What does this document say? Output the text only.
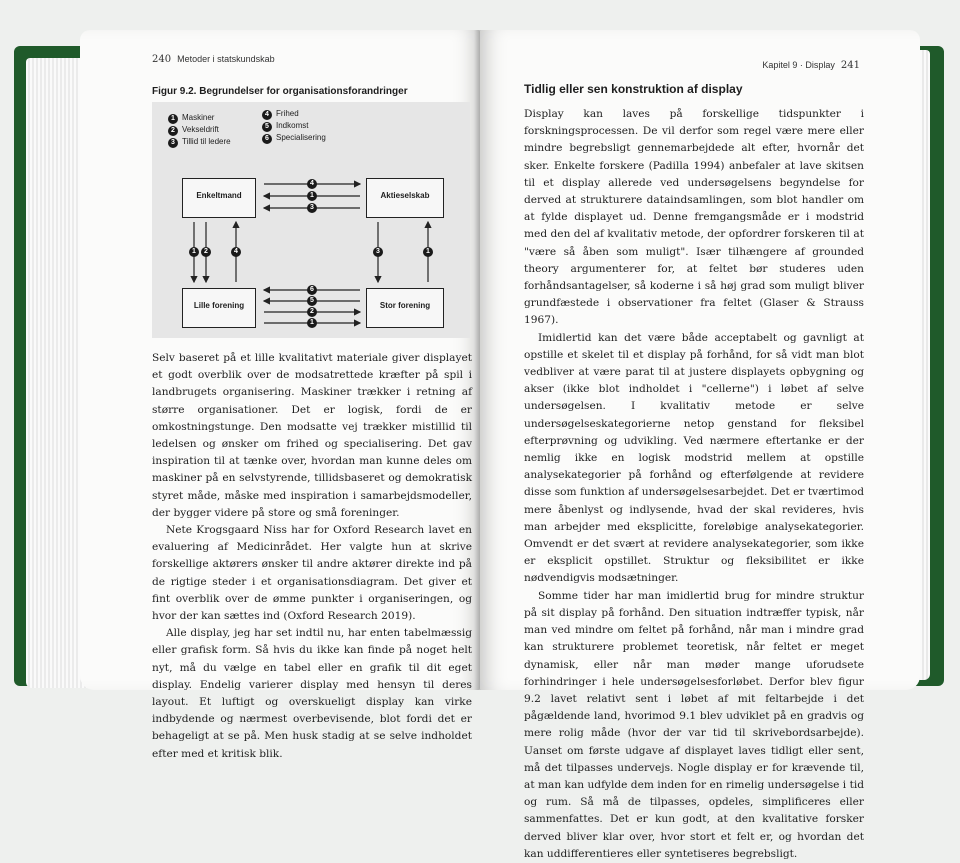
240 Metoder i statskundskab
Figur 9.2. Begrundelser for organisationsforandringer
1 Maskiner
2 Vekseldrift
3 Tillid til ledere
4 Frihed
5 Indkomst
6 Specialisering
Enkeltmand	Aktieselskab
Lille forening	Stor forening
4
1
3
1	2	4	3	1
6
5
2
1

Selv baseret på et lille kvalitativt materiale giver displayet et godt overblik over de modsatrettede kræfter på spil i landbrugets organisering. Maskiner trækker i retning af større organisationer. Det er logisk, fordi de er omkostningstunge. Den modsatte vej trækker mistillid til ledelsen og ønsker om frihed og specialisering. Det gav inspiration til at tænke over, hvordan man kunne deles om maskiner på en selvstyrende, tillidsbaseret og demokratisk styret måde, måske med inspiration i samarbejdsmodeller, der bygger videre på store og små foreninger.

Nete Krogsgaard Niss har for Oxford Research lavet en evaluering af Medicinrådet. Her valgte hun at skrive forskellige aktørers ønsker til andre aktører direkte ind på de rigtige steder i et organisationsdiagram. Det giver et fint overblik over de ømme punkter i organiseringen, og hvor der kan sættes ind (Oxford Research 2019).

Alle display, jeg har set indtil nu, har enten tabelmæssig eller grafisk form. Så hvis du ikke kan finde på noget helt nyt, må du vælge en tabel eller en grafik til dit eget display. Endelig varierer display med hensyn til deres layout. Et luftigt og overskueligt display kan virke indbydende og nærmest overbevisende, blot fordi det er behageligt at se på. Men husk stadig at se selve indholdet efter med et kritisk blik.

Kapitel 9 · Display 241
Tidlig eller sen konstruktion af display

Display kan laves på forskellige tidspunkter i forskningsprocessen. De vil derfor som regel være mere eller mindre begrebsligt gennemarbejdede alt efter, hvornår det sker. Enkelte forskere (Padilla 1994) anbefaler at lave skitsen til et display allerede ved undersøgelsens begyndelse for derved at strukturere dataindsamlingen, som blot handler om at fylde displayet ud. Denne fremgangsmåde er i modstrid med den del af kvalitativ metode, der opfordrer forskeren til at "være så åben som muligt". Især tilhængere af grounded theory argumenterer for, at feltet bør studeres uden forhåndsantagelser, så koderne i så høj grad som muligt bliver grundfæstede i observationer fra feltet (Glaser & Strauss 1967).

Imidlertid kan det være både acceptabelt og gavnligt at opstille et skelet til et display på forhånd, for så vidt man blot vedbliver at være parat til at justere displayets opbygning og akser (ikke blot indholdet i "cellerne") i løbet af selve undersøgelsen. I kvalitativ metode er selve undersøgelseskategorierne netop genstand for fleksibel efterprøvning og udvikling. Ved nærmere eftertanke er der nemlig ikke en logisk modstrid mellem at opstille analysekategorier på forhånd og efterfølgende at revidere disse som funktion af undersøgelsesarbejdet. Det er tværtimod mere åbenlyst og indlysende, hvad der skal revideres, hvis man arbejder med eksplicitte, foreløbige analysekategorier. Omvendt er det svært at revidere analysekategorier, som ikke er eksplicit opstillet. Struktur og fleksibilitet er ikke nødvendigvis modsætninger.

Somme tider har man imidlertid brug for mindre struktur på sit display på forhånd. Den situation indtræffer typisk, når man ved mindre om feltet på forhånd, når man i mindre grad kan strukturere problemet teoretisk, når feltet er meget dynamisk, eller når man møder mange uforudsete forhindringer i hele undersøgelsesforløbet. Derfor blev figur 9.2 lavet relativt sent i løbet af mit feltarbejde i det pågældende land, hvorimod 9.1 blev udviklet på en gradvis og mere rolig måde (hvor der var tid til skrivebordsarbejde). Uanset om første udgave af displayet laves tidligt eller sent, må det tilpasses undervejs. Nogle display er for krævende til, at man kan udfylde dem inden for en rimelig undersøgelse i tid og rum. Så må de tilpasses, opdeles, simplificeres eller sammenfattes. Det er kun godt, at den kvalitative forsker derved bliver klar over, hvor stort et felt er, og hvordan det kan uddifferentieres eller syntetiseres begrebsligt.
